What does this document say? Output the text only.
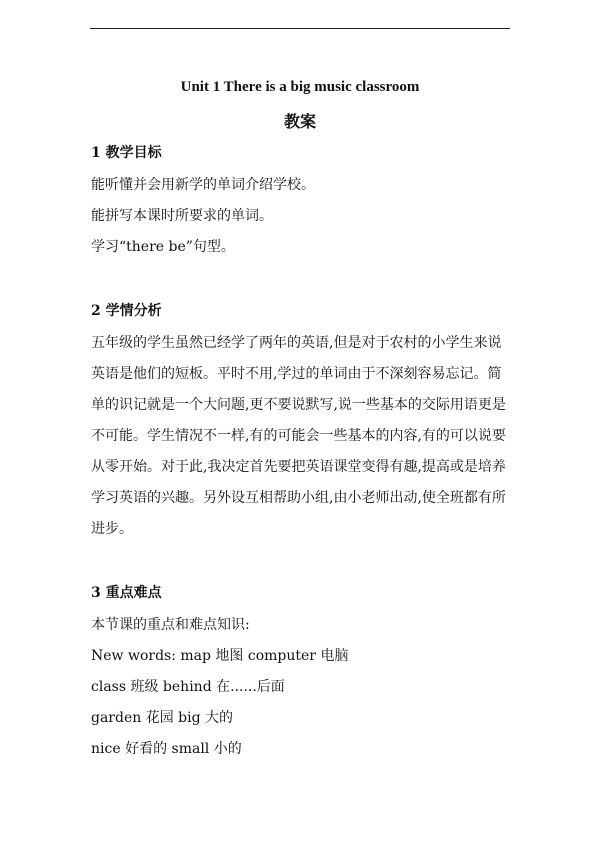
Unit 1 There is a big music classroom
教案

1 教学目标

能听懂并会用新学的单词介绍学校。

能拼写本课时所要求的单词。

学习“there be”句型。

2 学情分析

五年级的学生虽然已经学了两年的英语,但是对于农村的小学生来说

英语是他们的短板。平时不用,学过的单词由于不深刻容易忘记。简

单的识记就是一个大问题,更不要说默写,说一些基本的交际用语更是

不可能。学生情况不一样,有的可能会一些基本的内容,有的可以说要

从零开始。对于此,我决定首先要把英语课堂变得有趣,提高或是培养

学习英语的兴趣。另外设互相帮助小组,由小老师出动,使全班都有所

进步。

3 重点难点

本节课的重点和难点知识:

New words: map 地图 computer 电脑

class 班级 behind 在......后面

garden 花园 big 大的

nice 好看的 small 小的
